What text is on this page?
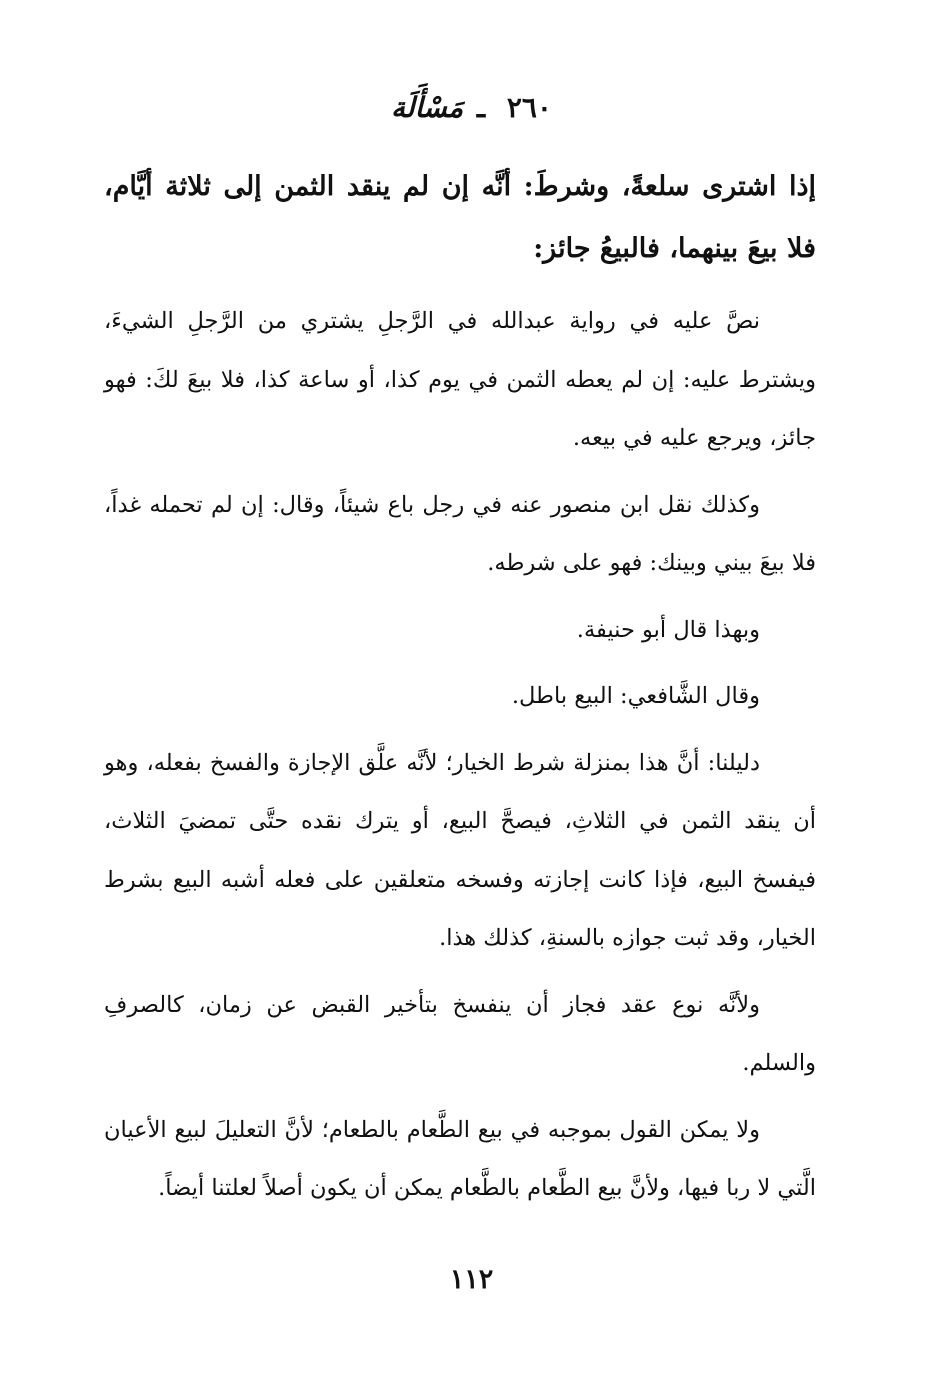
٢٦٠ ـ مَسْأَلَة
إذا اشترى سلعةً، وشرطَ: أنَّه إن لم ينقد الثمن إلى ثلاثة أيَّام، فلا بيعَ بينهما، فالبيعُ جائز:

نصَّ عليه في رواية عبدالله في الرَّجلِ يشتري من الرَّجلِ الشيءَ، ويشترط عليه: إن لم يعطه الثمن في يوم كذا، أو ساعة كذا، فلا بيعَ لكَ: فهو جائز، ويرجع عليه في بيعه.

وكذلك نقل ابن منصور عنه في رجل باع شيئاً، وقال: إن لم تحمله غداً، فلا بيعَ بيني وبينك: فهو على شرطه.

وبهذا قال أبو حنيفة.

وقال الشَّافعي: البيع باطل.

دليلنا: أنَّ هذا بمنزلة شرط الخيار؛ لأنَّه علَّق الإجازة والفسخ بفعله، وهو أن ينقد الثمن في الثلاثِ، فيصحَّ البيع، أو يترك نقده حتَّى تمضيَ الثلاث، فيفسخ البيع، فإذا كانت إجازته وفسخه متعلقين على فعله أشبه البيع بشرط الخيار، وقد ثبت جوازه بالسنةِ، كذلك هذا.

ولأنَّه نوع عقد فجاز أن ينفسخ بتأخير القبض عن زمان، كالصرفِ والسلم.

ولا يمكن القول بموجبه في بيع الطَّعام بالطعام؛ لأنَّ التعليلَ لبيع الأعيان الَّتي لا ربا فيها، ولأنَّ بيع الطَّعام بالطَّعام يمكن أن يكون أصلاً لعلتنا أيضاً.

١١٢
